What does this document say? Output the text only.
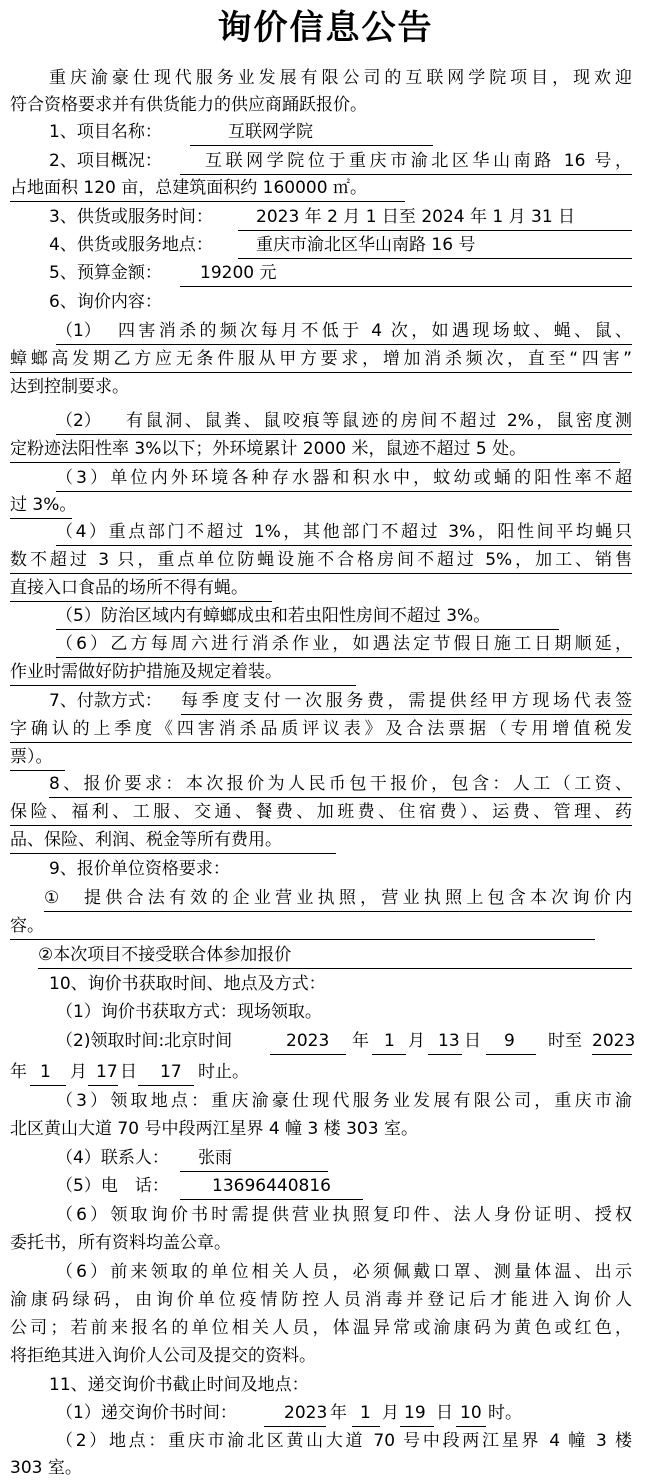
询价信息公告
重庆渝豪仕现代服务业发展有限公司的互联网学院项目，现欢迎
符合资格要求并有供货能力的供应商踊跃报价。
1、项目名称：	互联网学院
2、项目概况：	互联网学院位于重庆市渝北区华山南路 16 号，
占地面积 120 亩，总建筑面积约 160000 ㎡。
3、供货或服务时间：	2023 年 2 月 1 日至 2024 年 1 月 31 日
4、供货或服务地点：	重庆市渝北区华山南路 16 号
5、预算金额： 19200 元
6、询价内容：
（1） 四害消杀的频次每月不低于 4 次，如遇现场蚊、蝇、鼠、
蟑螂高发期乙方应无条件服从甲方要求，增加消杀频次，直至“四害”
达到控制要求。
（2） 有鼠洞、鼠粪、鼠咬痕等鼠迹的房间不超过 2%，鼠密度测
定粉迹法阳性率 3%以下；外环境累计 2000 米，鼠迹不超过 5 处。
（3）单位内外环境各种存水器和积水中，蚊幼或蛹的阳性率不超
过 3%。
（4）重点部门不超过 1%，其他部门不超过 3%，阳性间平均蝇只
数不超过 3 只，重点单位防蝇设施不合格房间不超过 5%，加工、销售
直接入口食品的场所不得有蝇。
（5）防治区域内有蟑螂成虫和若虫阳性房间不超过 3%。
（6）乙方每周六进行消杀作业，如遇法定节假日施工日期顺延，
作业时需做好防护措施及规定着装。
7、付款方式： 每季度支付一次服务费，需提供经甲方现场代表签
字确认的上季度《四害消杀品质评议表》及合法票据（专用增值税发
票）。
8、报价要求：本次报价为人民币包干报价，包含：人工（工资、
保险、福利、工服、交通、餐费、加班费、住宿费）、运费、管理、药
品、保险、利润、税金等所有费用。
9、报价单位资格要求：
① 提供合法有效的企业营业执照，营业执照上包含本次询价内
容。
②本次项目不接受联合体参加报价
10、询价书获取时间、地点及方式：
（1）询价书获取方式：现场领取。
（2)领取时间:北京时间	2023 年 1 月 13 日 9 时至 2023
年 1 月 17 日 17 时止。
（3）领取地点：重庆渝豪仕现代服务业发展有限公司，重庆市渝
北区黄山大道 70 号中段两江星界 4 幢 3 楼 303 室。
（4）联系人： 张雨
（5）电　话：	13696440816
（6）领取询价书时需提供营业执照复印件、法人身份证明、授权
委托书，所有资料均盖公章。
（6）前来领取的单位相关人员，必须佩戴口罩、测量体温、出示
渝康码绿码，由询价单位疫情防控人员消毒并登记后才能进入询价人
公司；若前来报名的单位相关人员，体温异常或渝康码为黄色或红色，
将拒绝其进入询价人公司及提交的资料。
11、递交询价书截止时间及地点：
（1）递交询价书时间：	2023 年 1 月 19 日 10 时。
（2）地点：重庆市渝北区黄山大道 70 号中段两江星界 4 幢 3 楼
303 室。
